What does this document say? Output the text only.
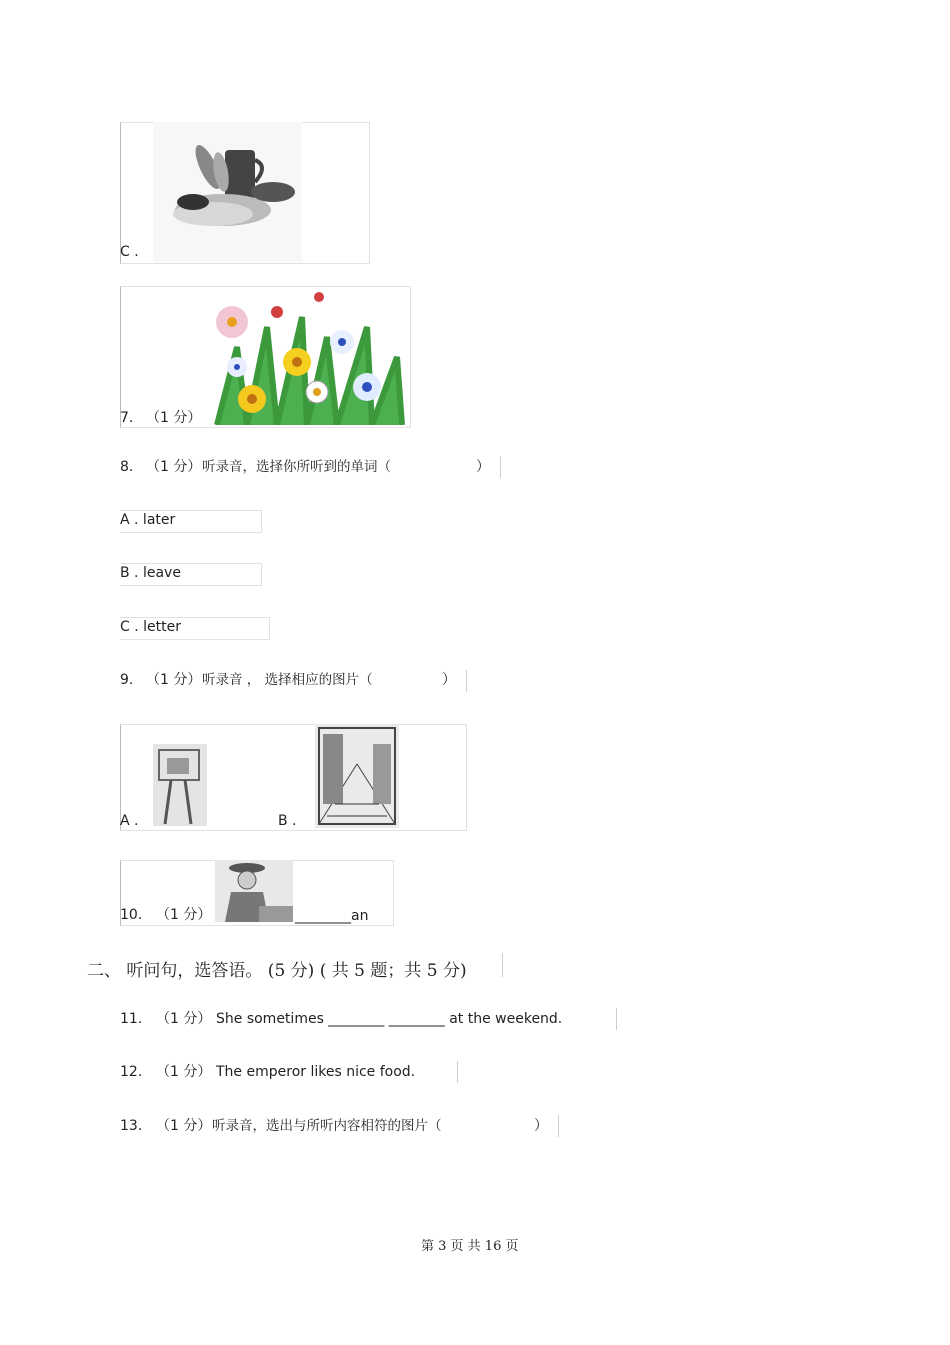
C .
7. （1 分）
8. （1 分） 听录音，选择你所听到的单词（	）
A . later
B . leave
C . letter
9. （1 分） 听录音 ， 选择相应的图片（	）
A .	B .
10. （1 分）	________an
二、 听问句，选答语。 (5 分) ( 共 5 题；共 5 分)
11. （1 分） She sometimes ________ ________ at the weekend.
12. （1 分） The emperor likes nice food.
13. （1 分） 听录音，选出与所听内容相符的图片（	）
第 3 页 共 16 页
